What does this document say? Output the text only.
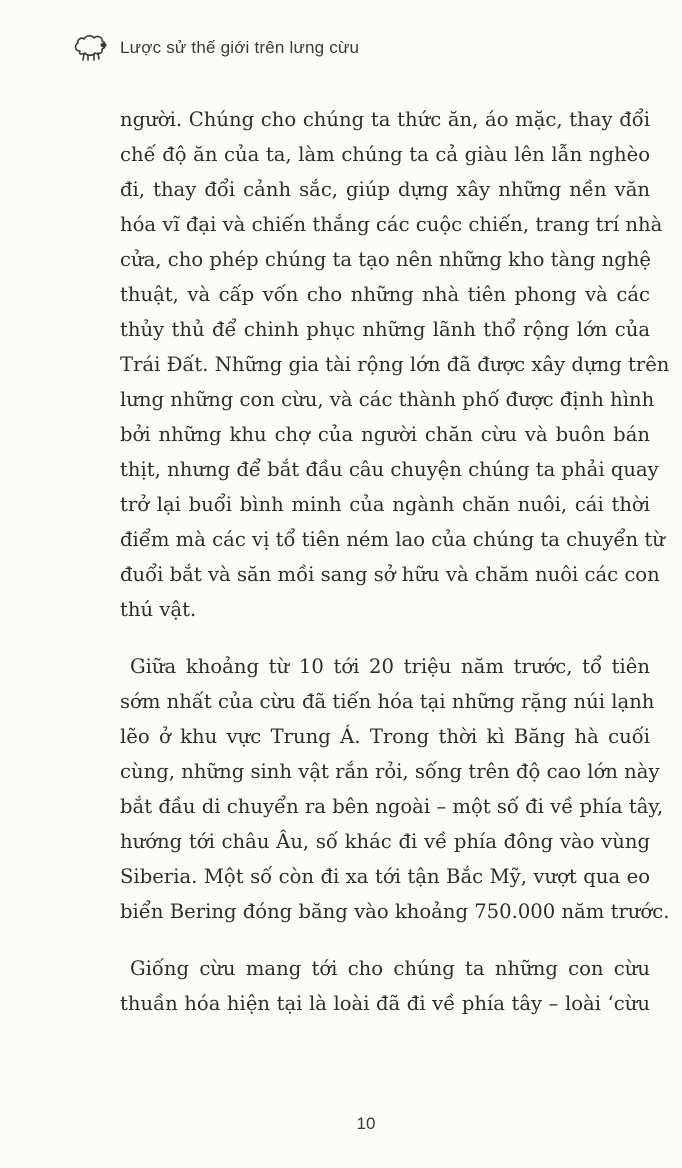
Lược sử thế giới trên lưng cừu
người. Chúng cho chúng ta thức ăn, áo mặc, thay đổi
chế độ ăn của ta, làm chúng ta cả giàu lên lẫn nghèo
đi, thay đổi cảnh sắc, giúp dựng xây những nền văn
hóa vĩ đại và chiến thắng các cuộc chiến, trang trí nhà
cửa, cho phép chúng ta tạo nên những kho tàng nghệ
thuật, và cấp vốn cho những nhà tiên phong và các
thủy thủ để chinh phục những lãnh thổ rộng lớn của
Trái Đất. Những gia tài rộng lớn đã được xây dựng trên
lưng những con cừu, và các thành phố được định hình
bởi những khu chợ của người chăn cừu và buôn bán
thịt, nhưng để bắt đầu câu chuyện chúng ta phải quay
trở lại buổi bình minh của ngành chăn nuôi, cái thời
điểm mà các vị tổ tiên ném lao của chúng ta chuyển từ
đuổi bắt và săn mồi sang sở hữu và chăm nuôi các con
thú vật.
Giữa khoảng từ 10 tới 20 triệu năm trước, tổ tiên
sớm nhất của cừu đã tiến hóa tại những rặng núi lạnh
lẽo ở khu vực Trung Á. Trong thời kì Băng hà cuối
cùng, những sinh vật rắn rỏi, sống trên độ cao lớn này
bắt đầu di chuyển ra bên ngoài – một số đi về phía tây,
hướng tới châu Âu, số khác đi về phía đông vào vùng
Siberia. Một số còn đi xa tới tận Bắc Mỹ, vượt qua eo
biển Bering đóng băng vào khoảng 750.000 năm trước.
Giống cừu mang tới cho chúng ta những con cừu
thuần hóa hiện tại là loài đã đi về phía tây – loài ‘cừu
10
